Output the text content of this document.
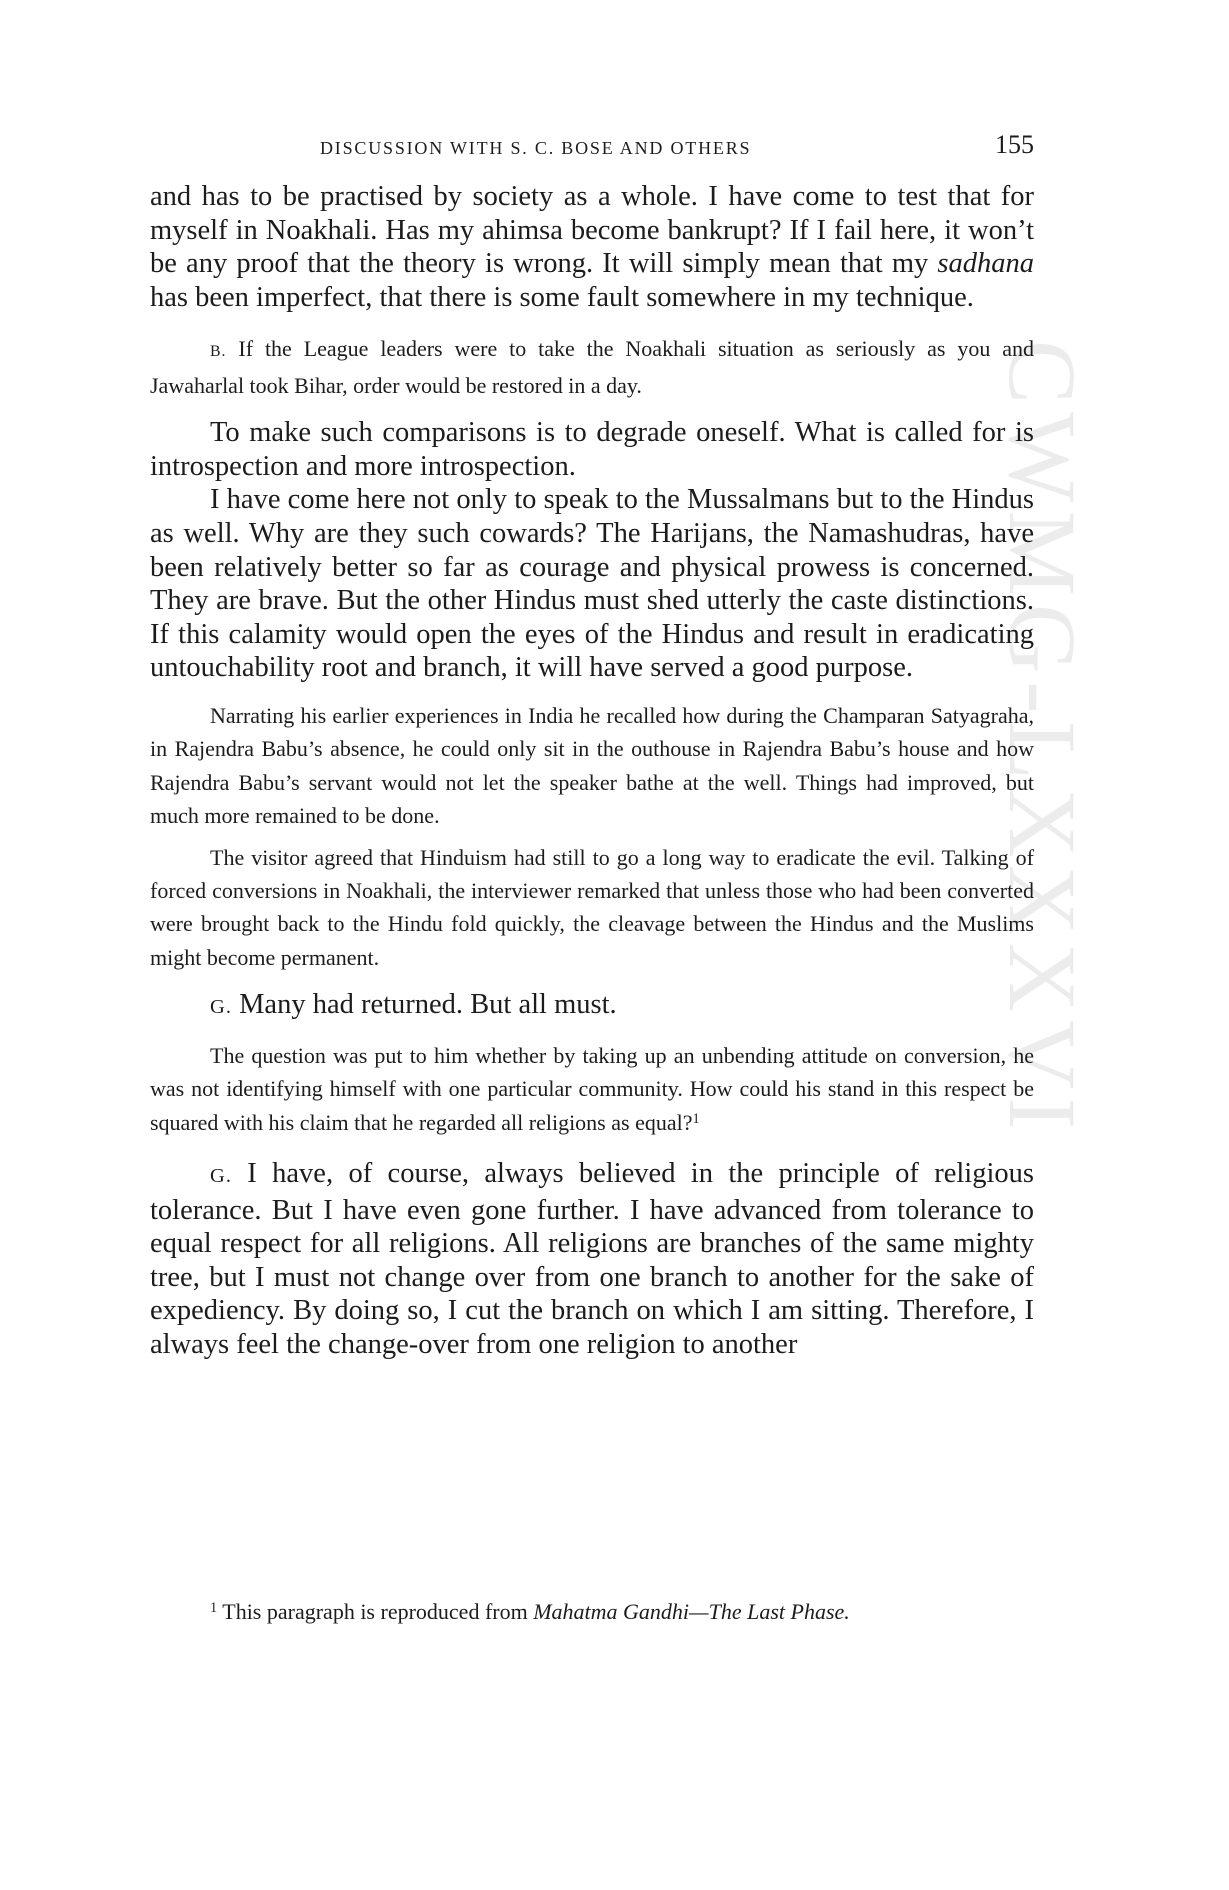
CWMG-LXXXVI
DISCUSSION WITH S. C. BOSE AND OTHERS	155

and has to be practised by society as a whole. I have come to test that for myself in Noakhali. Has my ahimsa become bankrupt? If I fail here, it won’t be any proof that the theory is wrong. It will simply mean that my sadhana has been imperfect, that there is some fault somewhere in my technique.

B. If the League leaders were to take the Noakhali situation as seriously as you and Jawaharlal took Bihar, order would be restored in a day.

To make such comparisons is to degrade oneself. What is called for is introspection and more introspection.

I have come here not only to speak to the Mussalmans but to the Hindus as well. Why are they such cowards? The Harijans, the Namashudras, have been relatively better so far as courage and physical prowess is concerned. They are brave. But the other Hindus must shed utterly the caste distinctions. If this calamity would open the eyes of the Hindus and result in eradicating untouchability root and branch, it will have served a good purpose.

Narrating his earlier experiences in India he recalled how during the Champaran Satyagraha, in Rajendra Babu’s absence, he could only sit in the outhouse in Rajendra Babu’s house and how Rajendra Babu’s servant would not let the speaker bathe at the well. Things had improved, but much more remained to be done.

The visitor agreed that Hinduism had still to go a long way to eradicate the evil. Talking of forced conversions in Noakhali, the interviewer remarked that unless those who had been converted were brought back to the Hindu fold quickly, the cleavage between the Hindus and the Muslims might become permanent.

G. Many had returned. But all must.

The question was put to him whether by taking up an unbending attitude on conversion, he was not identifying himself with one particular community. How could his stand in this respect be squared with his claim that he regarded all religions as equal?$^1$

G. I have, of course, always believed in the principle of religious tolerance. But I have even gone further. I have advanced from tolerance to equal respect for all religions. All religions are branches of the same mighty tree, but I must not change over from one branch to another for the sake of expediency. By doing so, I cut the branch on which I am sitting. Therefore, I always feel the change-over from one religion to another

$^1$ This paragraph is reproduced from Mahatma Gandhi—The Last Phase.
